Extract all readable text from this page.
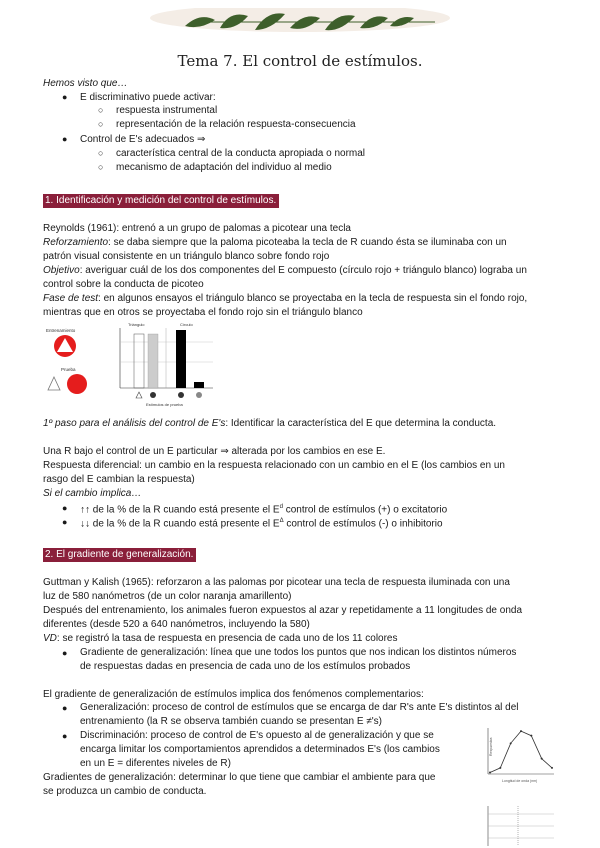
Tema 7. El control de estímulos.
Hemos visto que…
● E discriminativo puede activar:
○ respuesta instrumental
○ representación de la relación respuesta-consecuencia
● Control de E's adecuados ⇒
○ característica central de la conducta apropiada o normal
○ mecanismo de adaptación del individuo al medio
1. Identificación y medición del control de estímulos.
Reynolds (1961): entrenó a un grupo de palomas a picotear una tecla
Reforzamiento: se daba siempre que la paloma picoteaba la tecla de R cuando ésta se iluminaba con un
patrón visual consistente en un triángulo blanco sobre fondo rojo
Objetivo: averiguar cuál de los dos componentes del E compuesto (círculo rojo + triángulo blanco) lograba un
control sobre la conducta de picoteo
Fase de test: en algunos ensayos el triángulo blanco se proyectaba en la tecla de respuesta sin el fondo rojo,
mientras que en otros se proyectaba el fondo rojo sin el triángulo blanco
Entrenamiento
Prueba
Triángulo	Círculo
Estímulos de prueba
1º paso para el análisis del control de E's: Identificar la característica del E que determina la conducta.
Una R bajo el control de un E particular ⇒ alterada por los cambios en ese E.
Respuesta diferencial: un cambio en la respuesta relacionado con un cambio en el E (los cambios en un
rasgo del E cambian la respuesta)
Si el cambio implica…
● ↑↑ de la % de la R cuando está presente el $E^d$ control de estímulos (+) o excitatorio
● ↓↓ de la % de la R cuando está presente el $E^\Delta$ control de estímulos (-) o inhibitorio
2. El gradiente de generalización.
Guttman y Kalish (1965): reforzaron a las palomas por picotear una tecla de respuesta iluminada con una
luz de 580 nanómetros (de un color naranja amarillento)
Después del entrenamiento, los animales fueron expuestos al azar y repetidamente a 11 longitudes de onda
diferentes (desde 520 a 640 nanómetros, incluyendo la 580)
VD: se registró la tasa de respuesta en presencia de cada uno de los 11 colores
● Gradiente de generalización: línea que une todos los puntos que nos indican los distintos números
de respuestas dadas en presencia de cada uno de los estímulos probados
El gradiente de generalización de estímulos implica dos fenómenos complementarios:
● Generalización: proceso de control de estímulos que se encarga de dar R's ante E's distintos al del
entrenamiento (la R se observa también cuando se presentan E ≠'s)
● Discriminación: proceso de control de E's opuesto al de generalización y que se
encarga limitar los comportamientos aprendidos a determinados E's (los cambios
en un E = diferentes niveles de R)
Gradientes de generalización: determinar lo que tiene que cambiar el ambiente para que
se produzca un cambio de conducta.
Respuestas
Longitud de onda (nm)
